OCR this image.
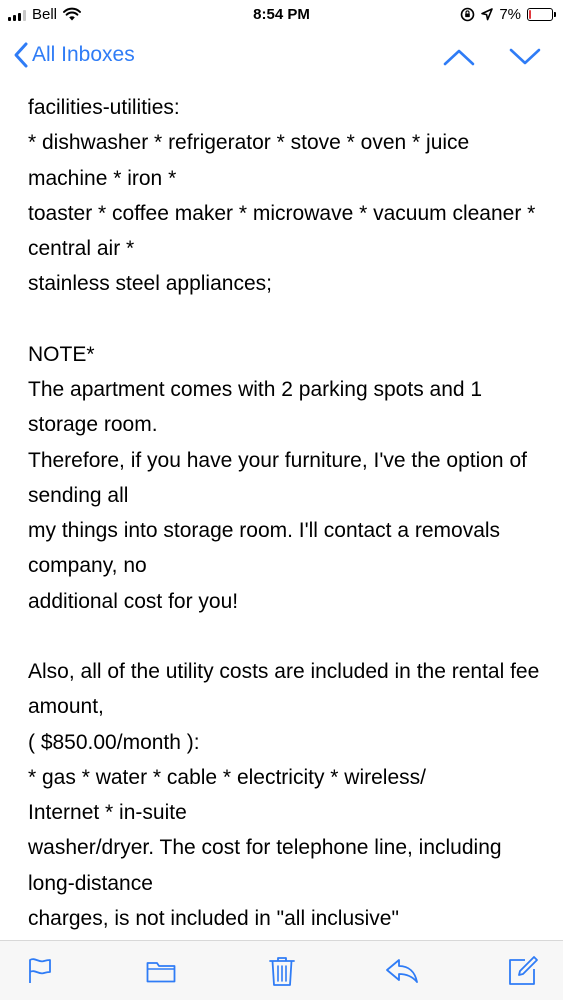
Bell	8:54 PM	7%
All Inboxes
facilities-utilities:
* dishwasher * refrigerator * stove * oven * juice machine * iron *
toaster * coffee maker * microwave * vacuum cleaner * central air *
stainless steel appliances;

NOTE*
The apartment comes with 2 parking spots and 1 storage room.
Therefore, if you have your furniture, I've the option of sending all
my things into storage room. I'll contact a removals company, no
additional cost for you!

Also, all of the utility costs are included in the rental fee amount,
( $850.00/month ):
* gas * water * cable * electricity * wireless/
Internet * in-suite
washer/dryer. The cost for telephone line, including long-distance
charges, is not included in "all inclusive"
